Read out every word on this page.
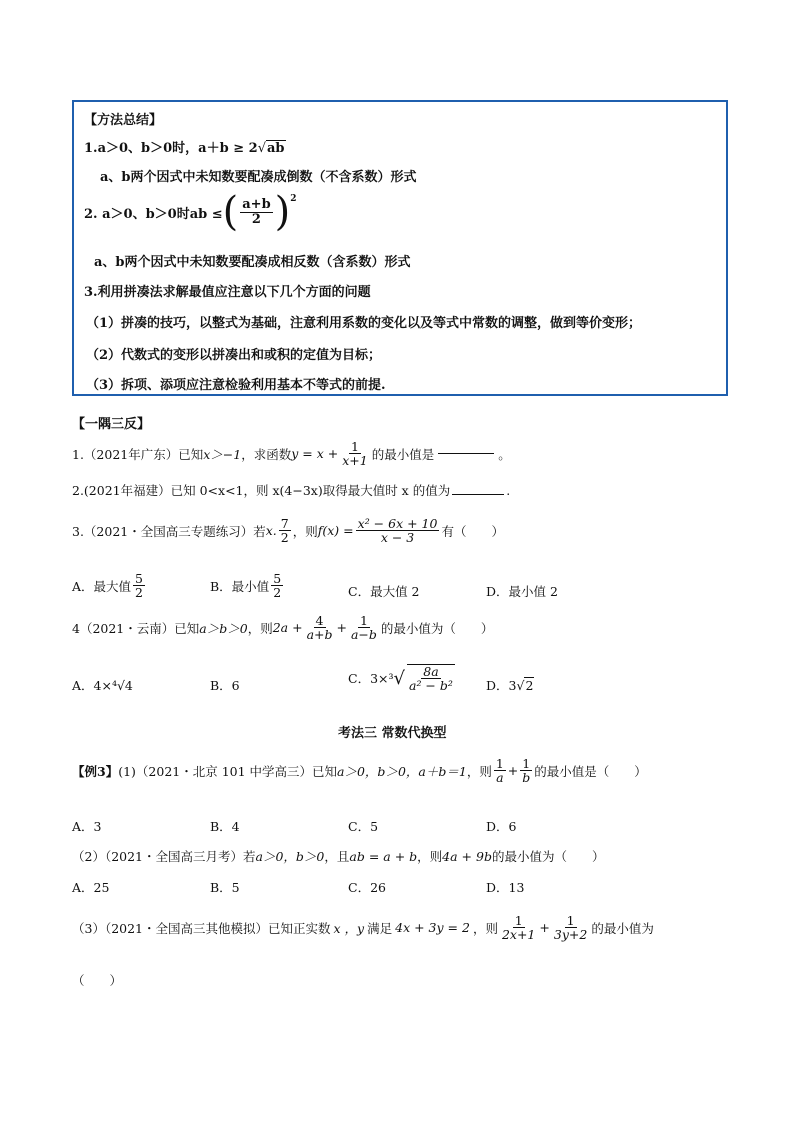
【方法总结】
1.a＞0、b＞0时，a＋b ≥ 2√ab
a、b两个因式中未知数要配凑成倒数（不含系数）形式
2. a＞0、b＞0时ab ≤ ( $\frac{a+b}{2} )^2$
a、b两个因式中未知数要配凑成相反数（含系数）形式
3.利用拼凑法求解最值应注意以下几个方面的问题
（1）拼凑的技巧，以整式为基础，注意利用系数的变化以及等式中常数的调整，做到等价变形；
（2）代数式的变形以拼凑出和或积的定值为目标；
（3）拆项、添项应注意检验利用基本不等式的前提.
【一隅三反】
1.（2021年广东）已知 x＞−1 ，求函数 $y = x + \frac{1}{x+1}$ 的最小值是	。
2.(2021年福建）已知 0<x<1，则 x(4−3x)取得最大值时 x 的值为	.
3.（2021・全国高三专题练习）若 x. $\frac{7}{2}$ ，则 $f(x) = \frac{\text{x² − 6x + 10}}{x - 3}$ 有（　　）
A．最大值 $\frac{5}{2}$	B．最小值 $\frac{5}{2}$	C．最大值 2	D．最小值 2
4（2021・云南）已知 a＞b＞0 ，则 $2a + \frac{4}{a+b} + \frac{1}{a-b}$ 的最小值为（　　）
A．4×⁴√4	B．6	C．3×³ √ $\frac{8a}{\text{a² − b²}}$ D．3√2
考法三 常数代换型
【例3】 (1)（2021・北京 101 中学高三）已知 a＞0，b＞0，a＋b＝1 ，则 $\frac{1}{a} + \frac{1}{b}$ 的最小值是（　　）
A．3	B．4	C．5	D．6
（2）（2021・全国高三月考）若a＞0，b＞0，且ab = a + b，则4a + 9b的最小值为（　　）
A．25	B．5	C．26	D．13
（3）（2021・全国高三其他模拟）已知正实数 x ，y 满足 4x + 3y = 2 ，则 $\frac{1}{2x+1} + \frac{1}{3y+2}$ 的最小值为
（　　）
